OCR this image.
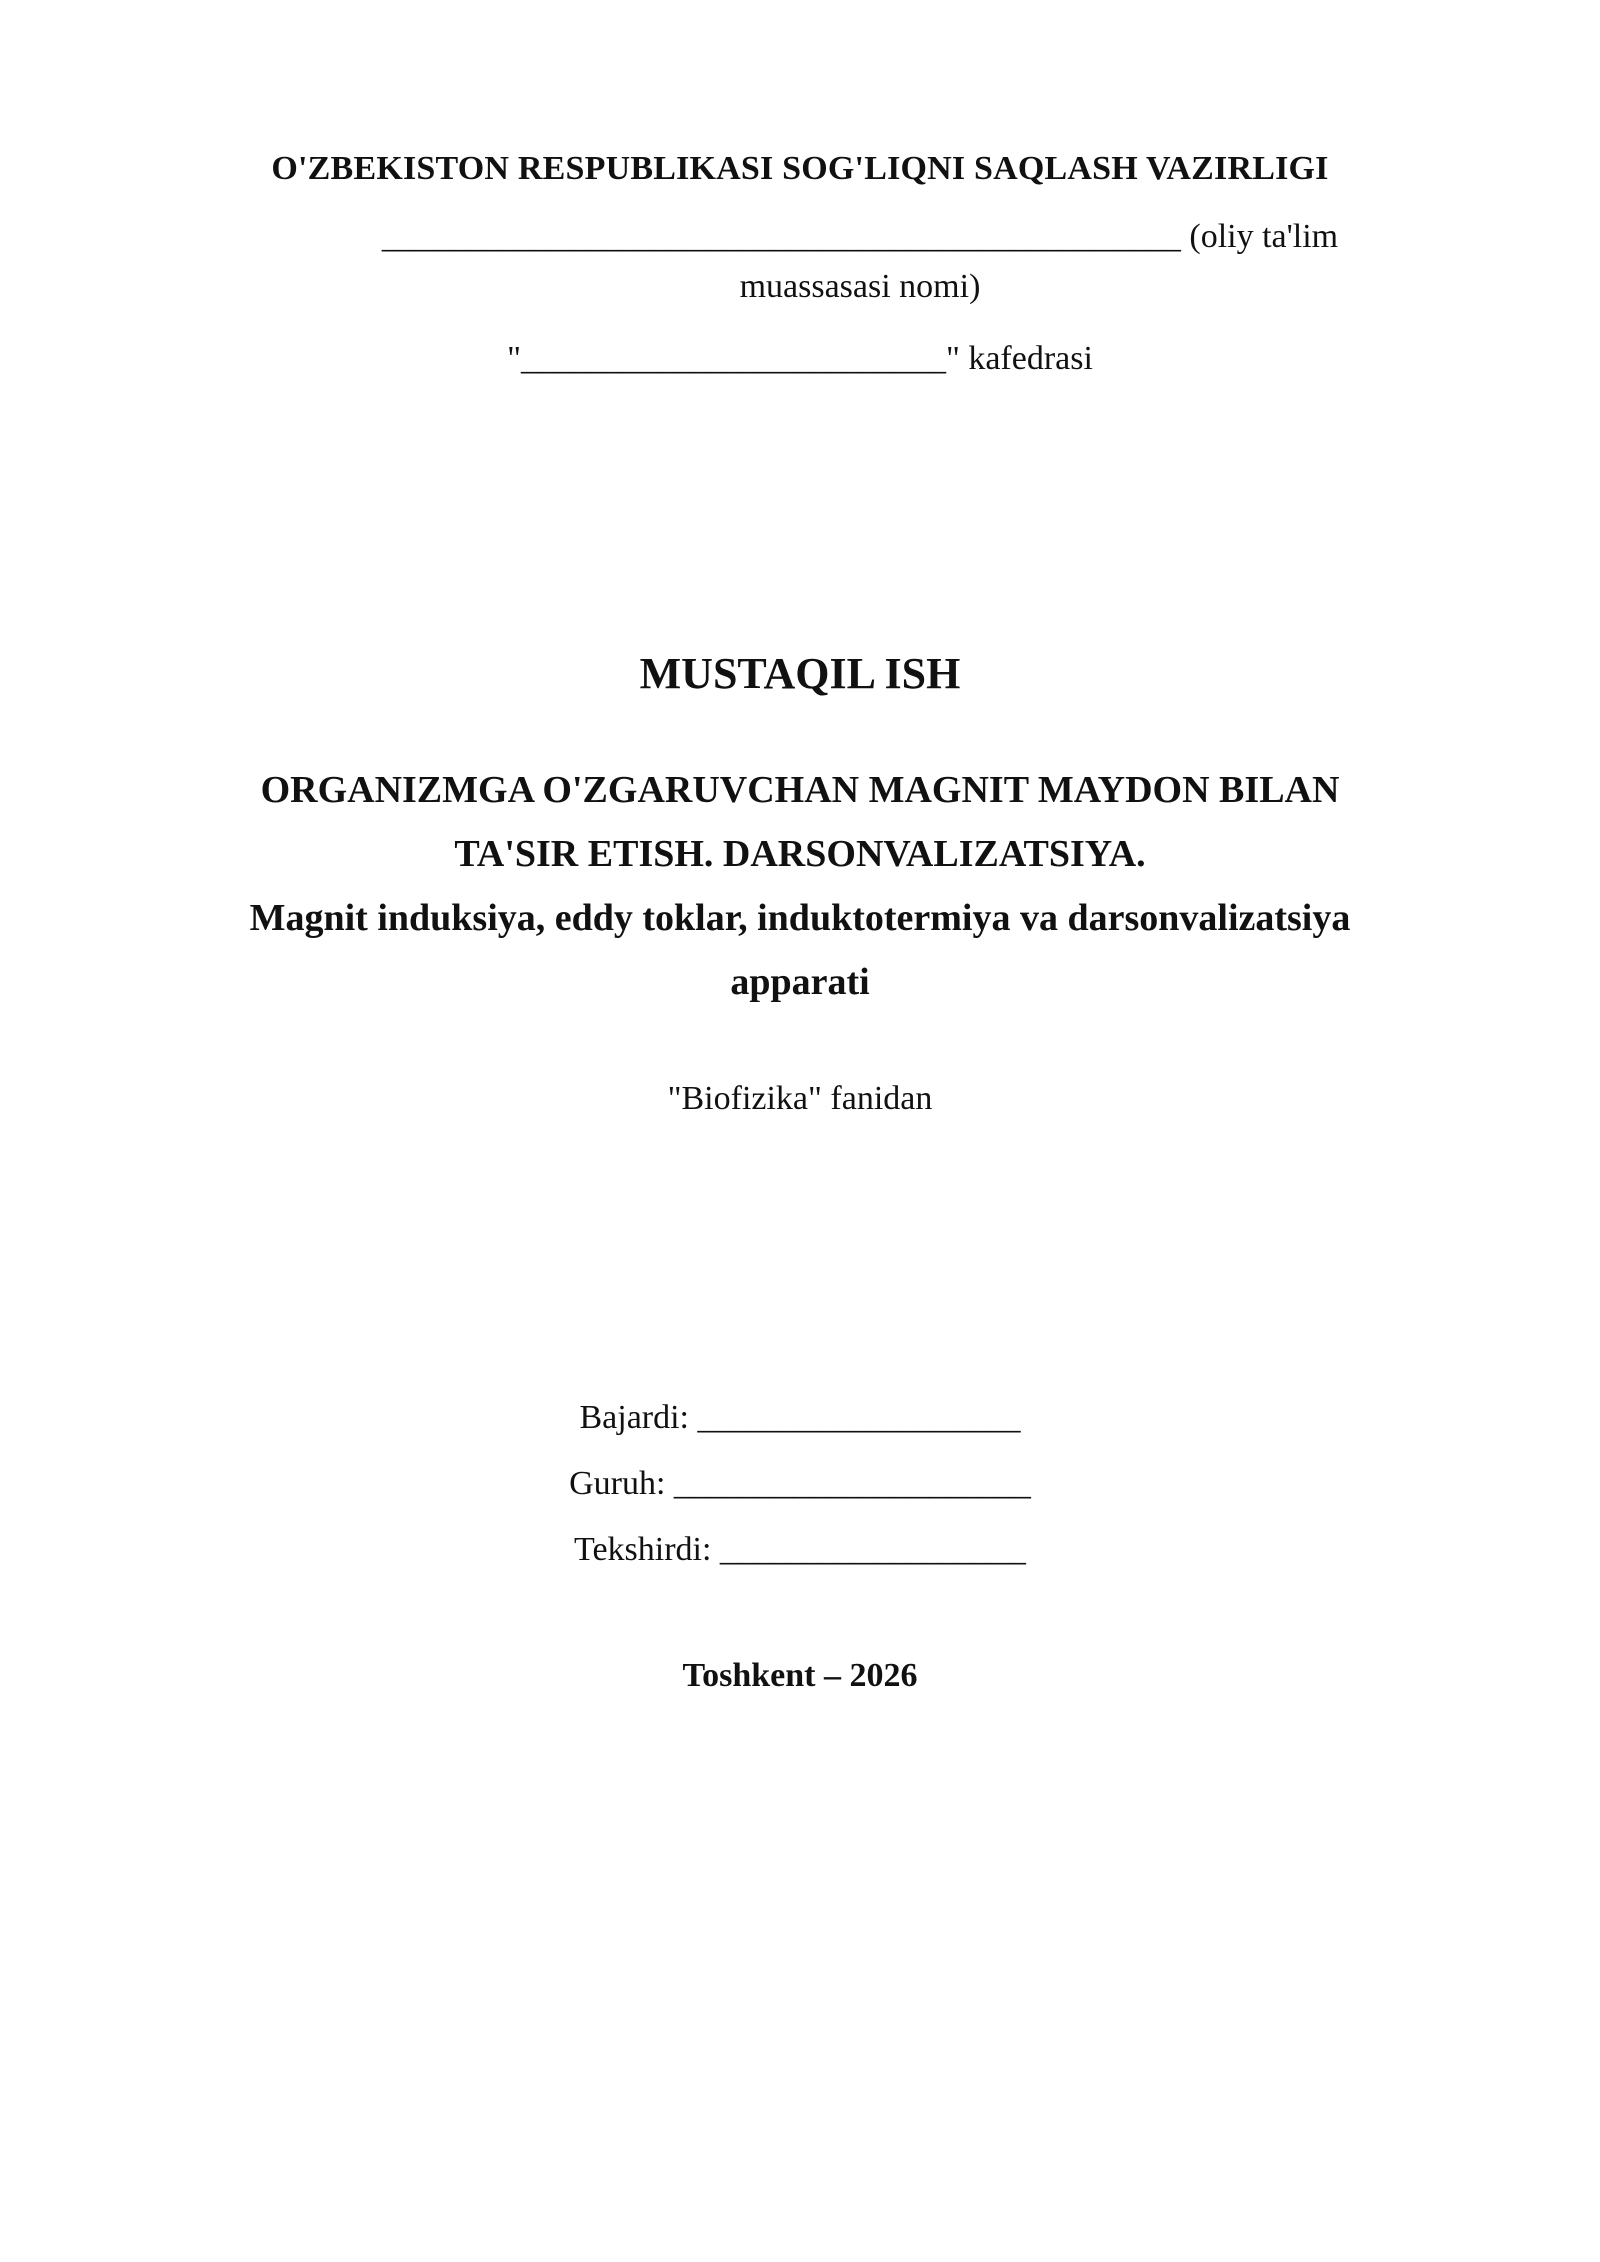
O'ZBEKISTON RESPUBLIKASI SOG'LIQNI SAQLASH VAZIRLIGI
_______________________________________________ (oliy ta'lim muassasasi nomi)
"_________________________" kafedrasi
MUSTAQIL ISH
ORGANIZMGA O'ZGARUVCHAN MAGNIT MAYDON BILAN
TA'SIR ETISH. DARSONVALIZATSIYA.
Magnit induksiya, eddy toklar, induktotermiya va darsonvalizatsiya
apparati
"Biofizika" fanidan
Bajardi: ___________________
Guruh: _____________________
Tekshirdi: __________________
Toshkent – 2026
